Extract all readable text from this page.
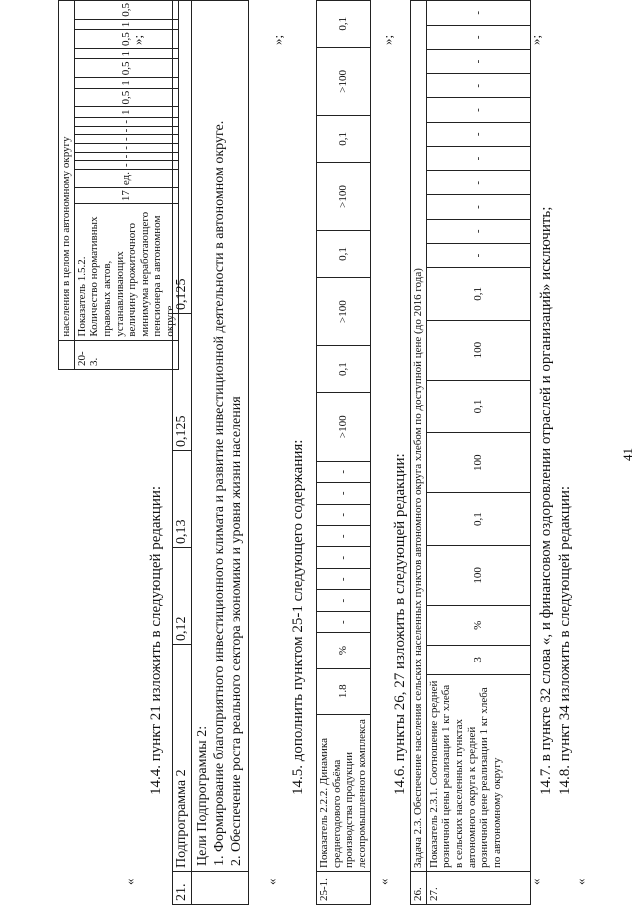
41
	населения в целом по автономному округу																
20-3.	Показатель 1.5.2. Количество нормативных правовых актов, устанавливающих величину прожиточного минимума неработающего пенсионера в автономном округе	17	ед.	-	-	-	-	-	-	1	0,5	1	0,5	1	0,5	1	0,5
«
»;
14.4. пункт 21 изложить в следующей редакции:
21.	Подпрограмма 2	0,12	0,13	0,125	0,125

	Цели Подпрограммы 2: 1. Формирование благоприятного инвестиционного климата и развитие инвестиционной деятельности в автономном округе. 2. Обеспечение роста реального сектора экономики и уровня жизни населения				
«
»;
14.5. дополнить пунктом 25-1 следующего содержания:
25-1.	Показатель 2.2.2. Динамика среднегодового объёма производства продукции лесопромышленного комплекса	1.8	%	-	-	-	-	-	-	-	-	>100	0,1	>100	0,1	>100	0,1	>100	0,1
«
»;
14.6. пункты 26, 27 изложить в следующей редакции:
26.	Задача 2.3. Обеспечение населения сельских населенных пунктов автономного округа хлебом по доступной цене (до 2016 года)																			
27.	Показатель 2.3.1. Соотношение средней розничной цены реализации 1 кг хлеба в сельских населенных пунктах автономного округа к средней розничной цене реализации 1 кг хлеба по автономному округу	3	%	100	0,1	100	0,1	100	0,1	-	-	-	-	-	-	-	-	-	-	-
«
»;
14.7. в пункте 32 слова «, и финансовом оздоровлении отраслей и организаций» исключить; 14.8. пункт 34 изложить в следующей редакции:
«
